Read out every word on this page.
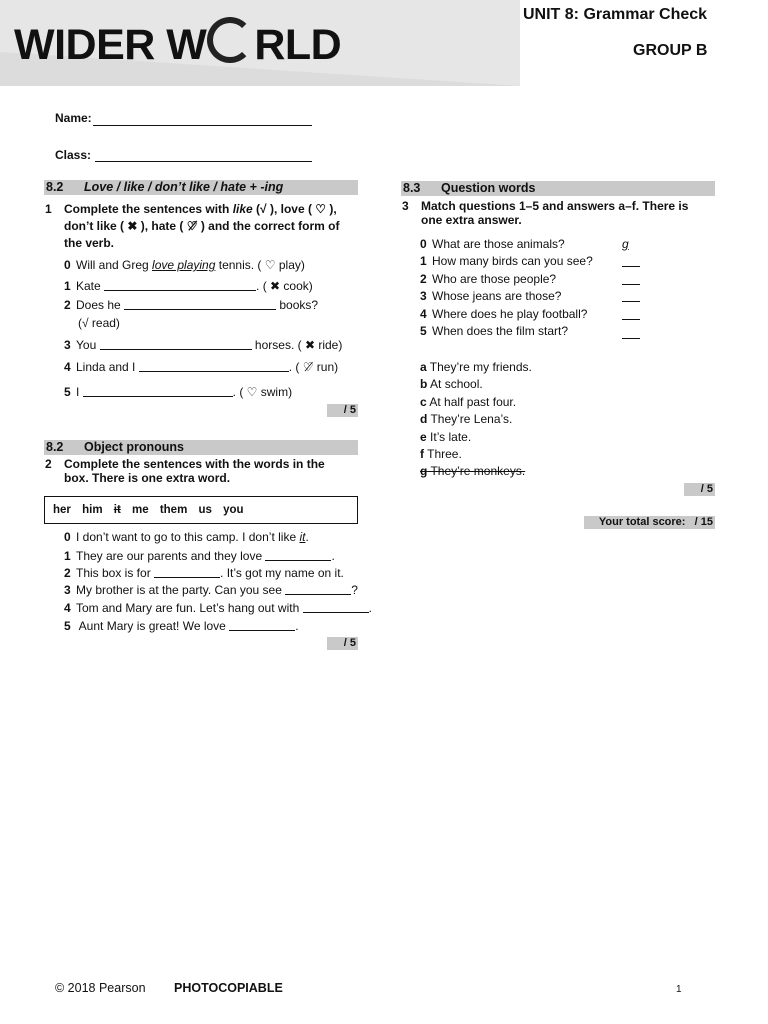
WIDER W RLD
UNIT 8: Grammar Check
GROUP B
Name:
Class:
8.2 Love / like / don’t like / hate + -ing
1 Complete the sentences with like (√ ), love ( ♡ ),
don’t like ( ✖ ), hate ( ♡̸ ) and the correct form of
the verb.
0 Will and Greg love playing tennis. ( ♡ play)
1 Kate	. ( ✖ cook)
2 Does he	books?
(√ read)
3 You	horses. ( ✖ ride)
4 Linda and I	. ( ♡̸ run)
5 I	. ( ♡ swim)
/ 5
8.2 Object pronouns
2 Complete the sentences with the words in the
box. There is one extra word.
her him it me them us you
0 I don’t want to go to this camp. I don’t like it.
1 They are our parents and they love	.
2 This box is for	. It’s got my name on it.
3 My brother is at the party. Can you see	?
4 Tom and Mary are fun. Let’s hang out with	.
5 Aunt Mary is great! We love	.
/ 5
8.3 Question words
3 Match questions 1–5 and answers a–f. There is
one extra answer.
0 What are those animals?	g
1 How many birds can you see?
2 Who are those people?
3 Whose jeans are those?
4 Where does he play football?
5 When does the film start?
a They’re my friends.
b At school.
c At half past four.
d They’re Lena’s.
e It’s late.
f Three.
g They’re monkeys.
/ 5
Your total score: / 15
© 2018 Pearson PHOTOCOPIABLE	1
